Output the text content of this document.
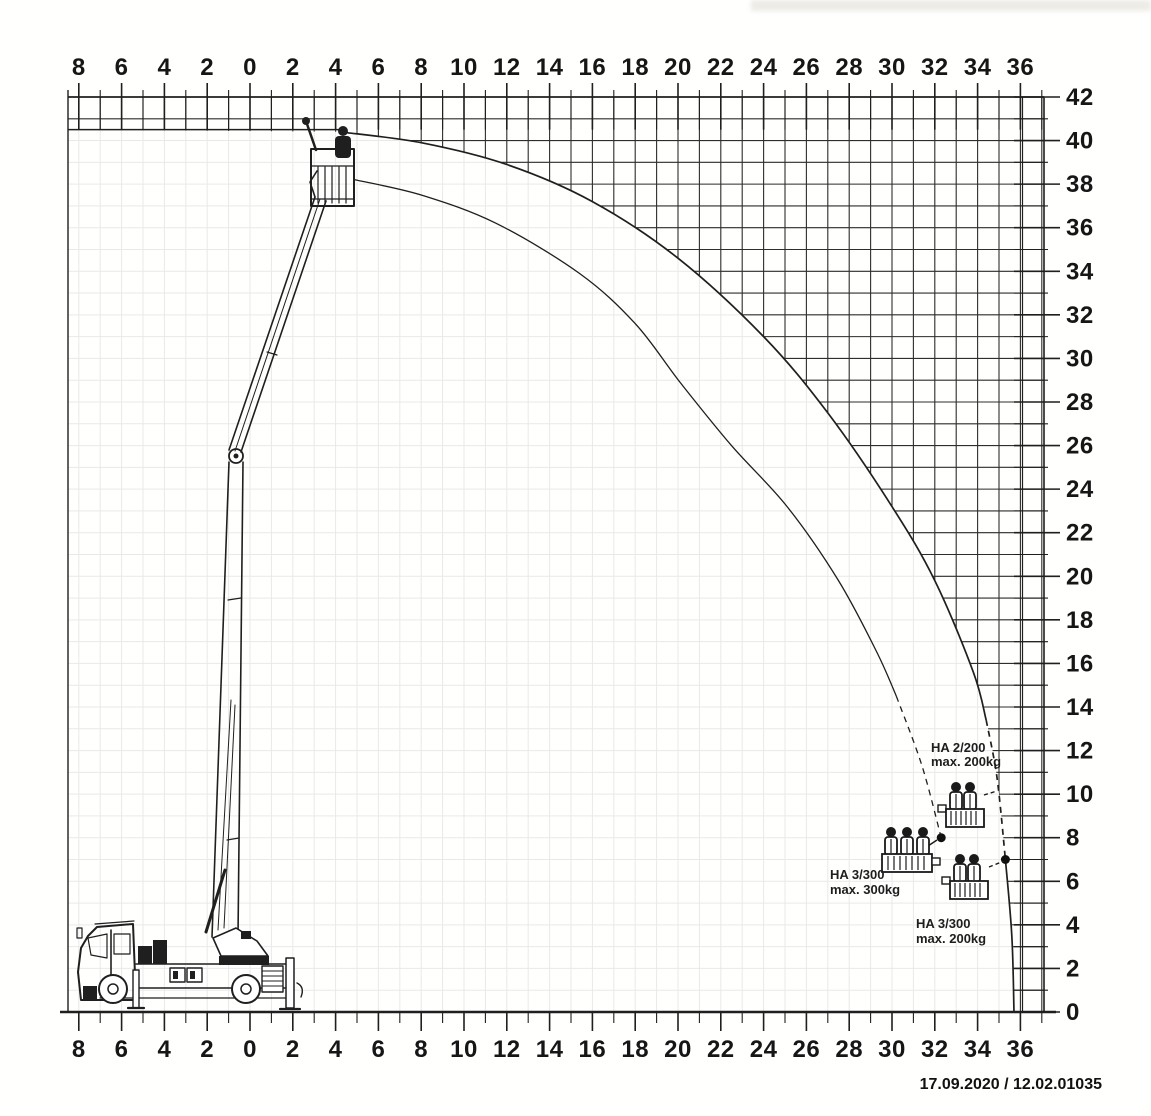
8 6 4 2 0 2 4 6 8 10 12 14 16 18 20 22 24 26 28 30 32 34 36
8 6 4 2 0 2 4 6 8 10 12 14 16 18 20 22 24 26 28 30 32 34 36
42
40
38
36
34
32
30
28
26
24
22
20
18
16
14
12
10
8
6
4
2
0
HA 2/200
max. 200kg
HA 3/300
max. 300kg
HA 3/300
max. 200kg
17.09.2020 / 12.02.01035
